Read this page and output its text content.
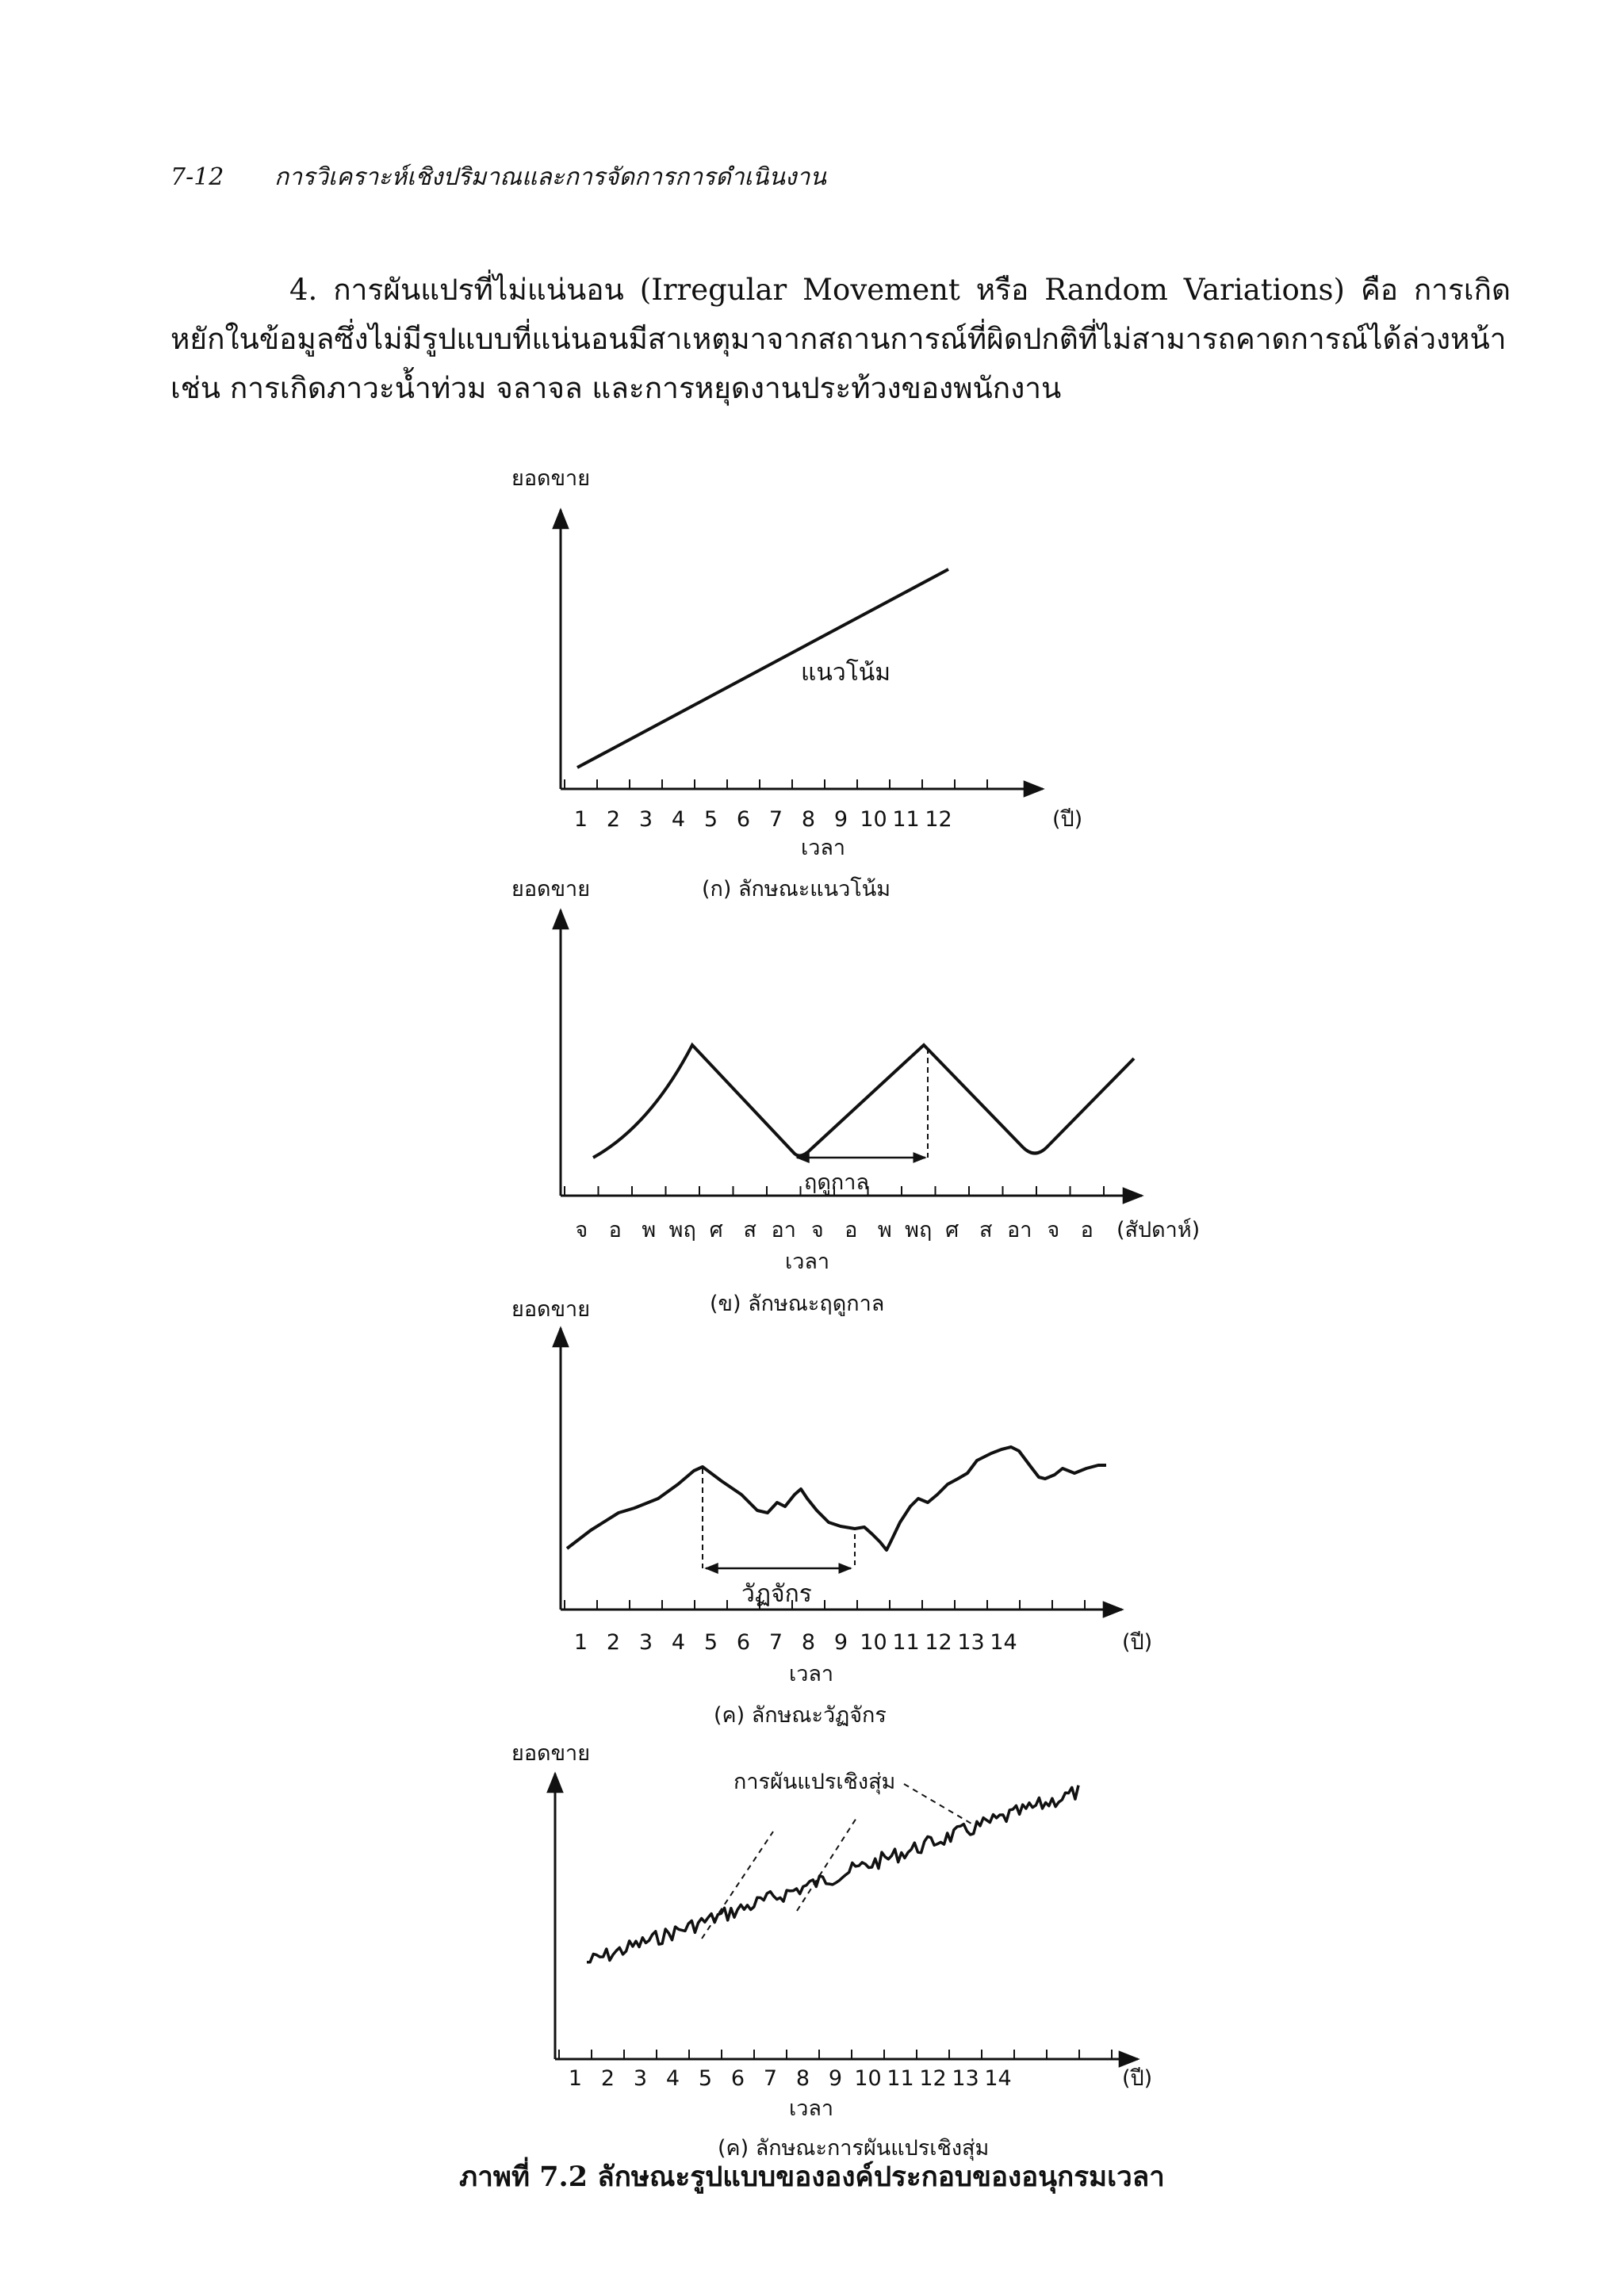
7-12 การวิเคราะห์เชิงปริมาณและการจัดการการดำเนินงาน

4. การผันแปรที่ไม่แน่นอน (Irregular Movement หรือ Random Variations) คือ การเกิดหยักในข้อมูลซึ่งไม่มีรูปแบบที่แน่นอนมีสาเหตุมาจากสถานการณ์ที่ผิดปกติที่ไม่สามารถคาดการณ์ได้ล่วงหน้า เช่น การเกิดภาวะน้ำท่วม จลาจล และการหยุดงานประท้วงของพนักงาน

ยอดขาย
แนวโน้ม
1 2 3 4 5 6 7 8 9 10 11 12	(ปี)
เวลา
(ก) ลักษณะแนวโน้ม
ยอดขาย
ฤดูกาล
จ อ พ พฤ ศ ส อา จ อ พ พฤ ศ ส อา จ อ (สัปดาห์)
เวลา
(ข) ลักษณะฤดูกาล
ยอดขาย
วัฏจักร
1 2 3 4 5 6 7 8 9 10 11 12 13 14	(ปี)
เวลา
(ค) ลักษณะวัฏจักร
ยอดขาย
การผันแปรเชิงสุ่ม
1 2 3 4 5 6 7 8 9 10 11 12 13 14	(ปี)
เวลา
(ค) ลักษณะการผันแปรเชิงสุ่ม
ภาพที่ 7.2 ลักษณะรูปแบบขององค์ประกอบของอนุกรมเวลา
